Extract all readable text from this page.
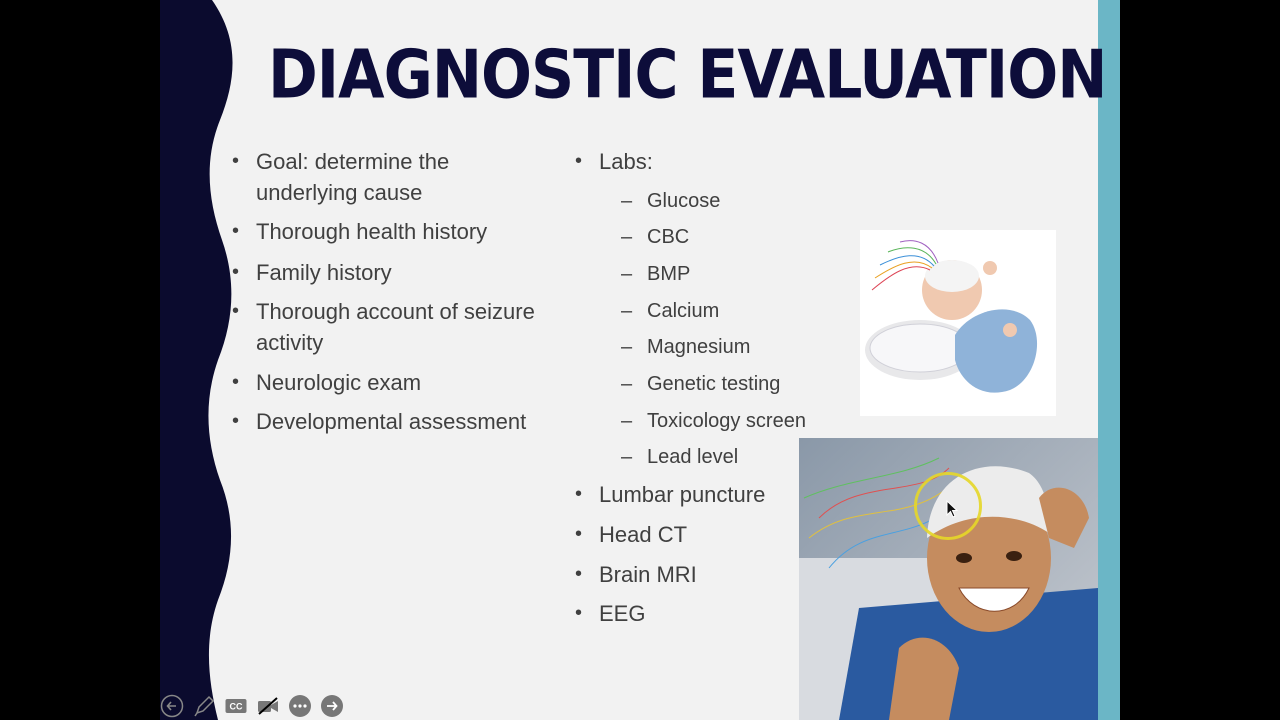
DIAGNOSTIC EVALUATION
• Goal: determine the underlying cause
• Thorough health history
• Family history
• Thorough account of seizure activity
• Neurologic exam
• Developmental assessment
• Labs:
• Lumbar puncture
• Head CT
• Brain MRI
• EEG
– Glucose
– CBC
– BMP
– Calcium
– Magnesium
– Genetic testing
– Toxicology screen
– Lead level
CC
